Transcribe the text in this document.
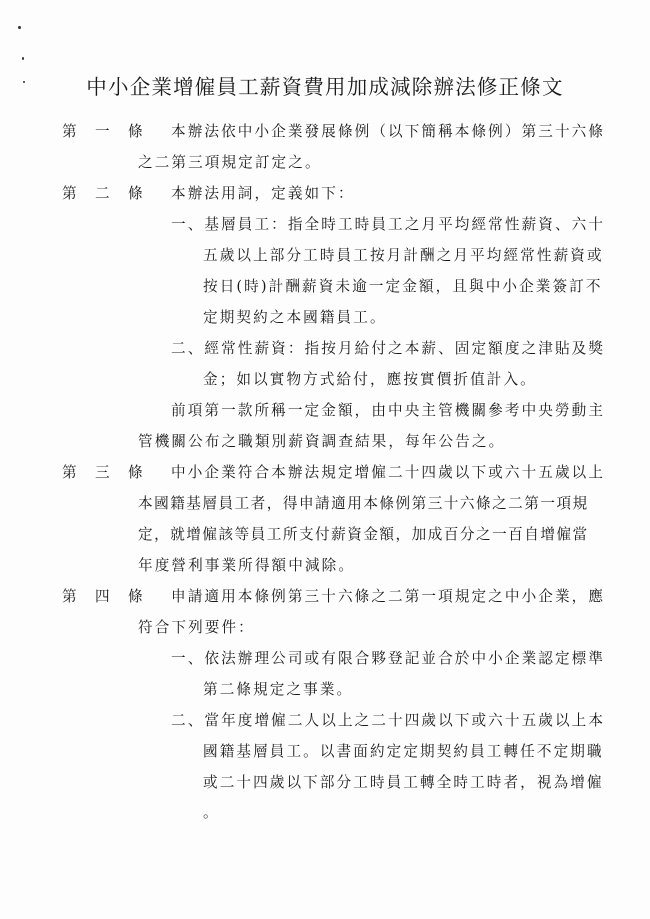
中小企業增僱員工薪資費用加成減除辦法修正條文
第 一 條 本辦法依中小企業發展條例（以下簡稱本條例）第三十六條
之二第三項規定訂定之。
第 二 條 本辦法用詞，定義如下：
一、基層員工：指全時工時員工之月平均經常性薪資、六十
五歲以上部分工時員工按月計酬之月平均經常性薪資或
按日(時)計酬薪資未逾一定金額，且與中小企業簽訂不
定期契約之本國籍員工。
二、經常性薪資：指按月給付之本薪、固定額度之津貼及獎
金；如以實物方式給付，應按實價折值計入。
前項第一款所稱一定金額，由中央主管機關參考中央勞動主
管機關公布之職類別薪資調查結果，每年公告之。
第 三 條 中小企業符合本辦法規定增僱二十四歲以下或六十五歲以上
本國籍基層員工者，得申請適用本條例第三十六條之二第一項規
定，就增僱該等員工所支付薪資金額，加成百分之一百自增僱當
年度營利事業所得額中減除。
第 四 條 申請適用本條例第三十六條之二第一項規定之中小企業，應
符合下列要件：
一、依法辦理公司或有限合夥登記並合於中小企業認定標準
第二條規定之事業。
二、當年度增僱二人以上之二十四歲以下或六十五歲以上本
國籍基層員工。以書面約定定期契約員工轉任不定期職
或二十四歲以下部分工時員工轉全時工時者，視為增僱
。
